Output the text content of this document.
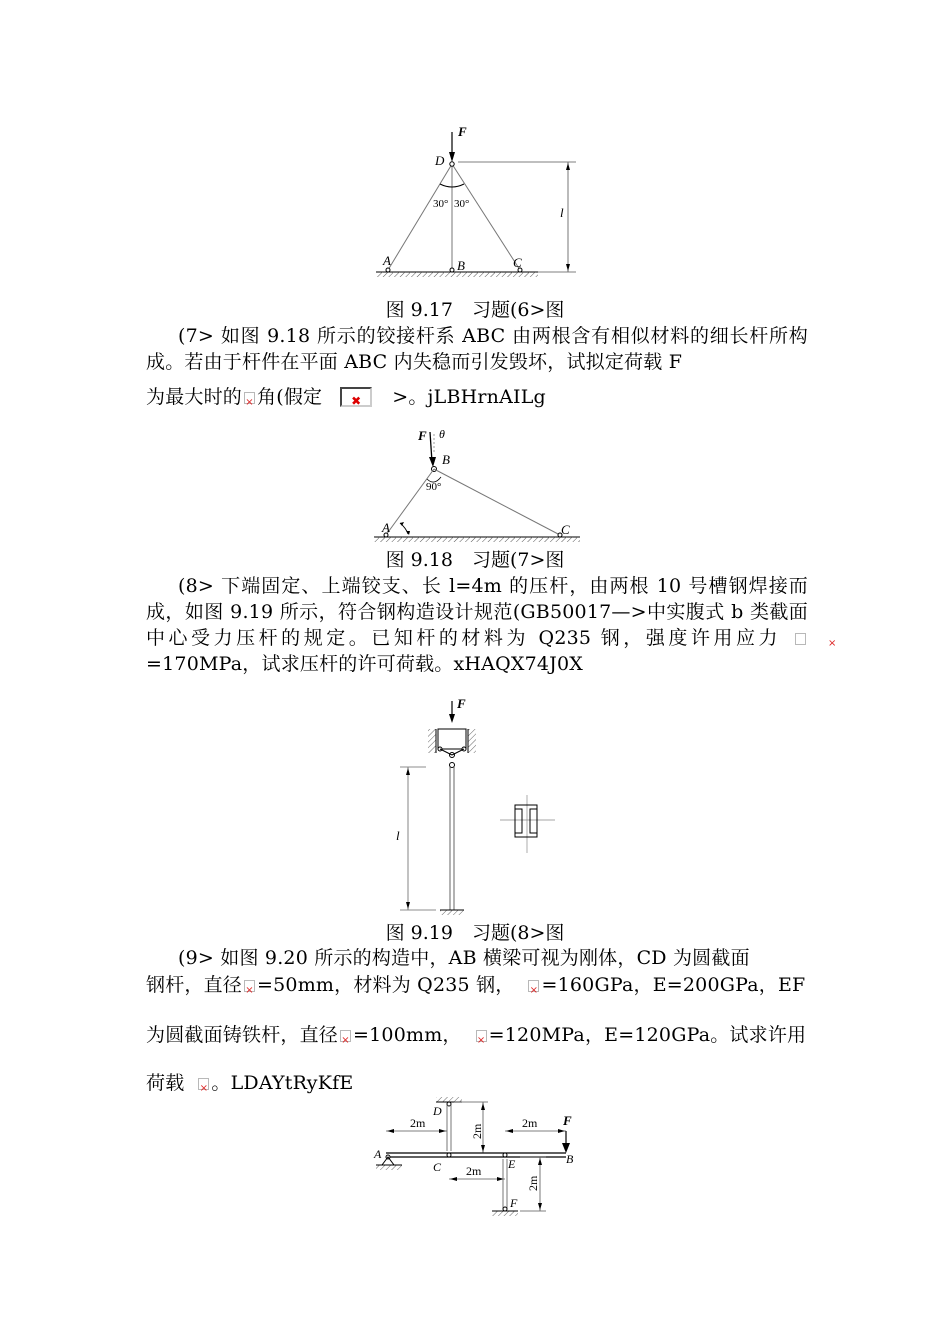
F
D
30° 30°
l
A	B	C
图 9.17　习题(6>图

(7> 如图 9.18 所示的铰接杆系 ABC 由两根含有相似材料的细长杆所构成。若由于杆件在平面 ABC 内失稳而引发毁坏，试拟定荷载 F

为最大时的 × 角(假定 ✖	>。jLBHrnAILg

F θ
B
90°
A	C
图 9.18　习题(7>图

(8> 下端固定、上端铰支、长 l=4m 的压杆，由两根 10 号槽钢焊接而成，如图 9.19 所示，符合钢构造设计规范(GB50017—>中实腹式 b 类截面中心受力压杆的规定。已知杆的材料为 Q235 钢，强度许用应力×=170MPa，试求压杆的许可荷载。xHAQX74J0X

F
l
图 9.19　习题(8>图

(9> 如图 9.20 所示的构造中，AB 横梁可视为刚体，CD 为圆截面

钢杆，直径 × =50mm，材料为 Q235 钢， × =160GPa，E=200GPa，EF

为圆截面铸铁杆，直径 × =100mm， × =120MPa，E=120GPa。试求许用

荷载 × 。LDAYtRyKfE

D
2m
2m
2m F
A
C	E	B
2m
F
2m
